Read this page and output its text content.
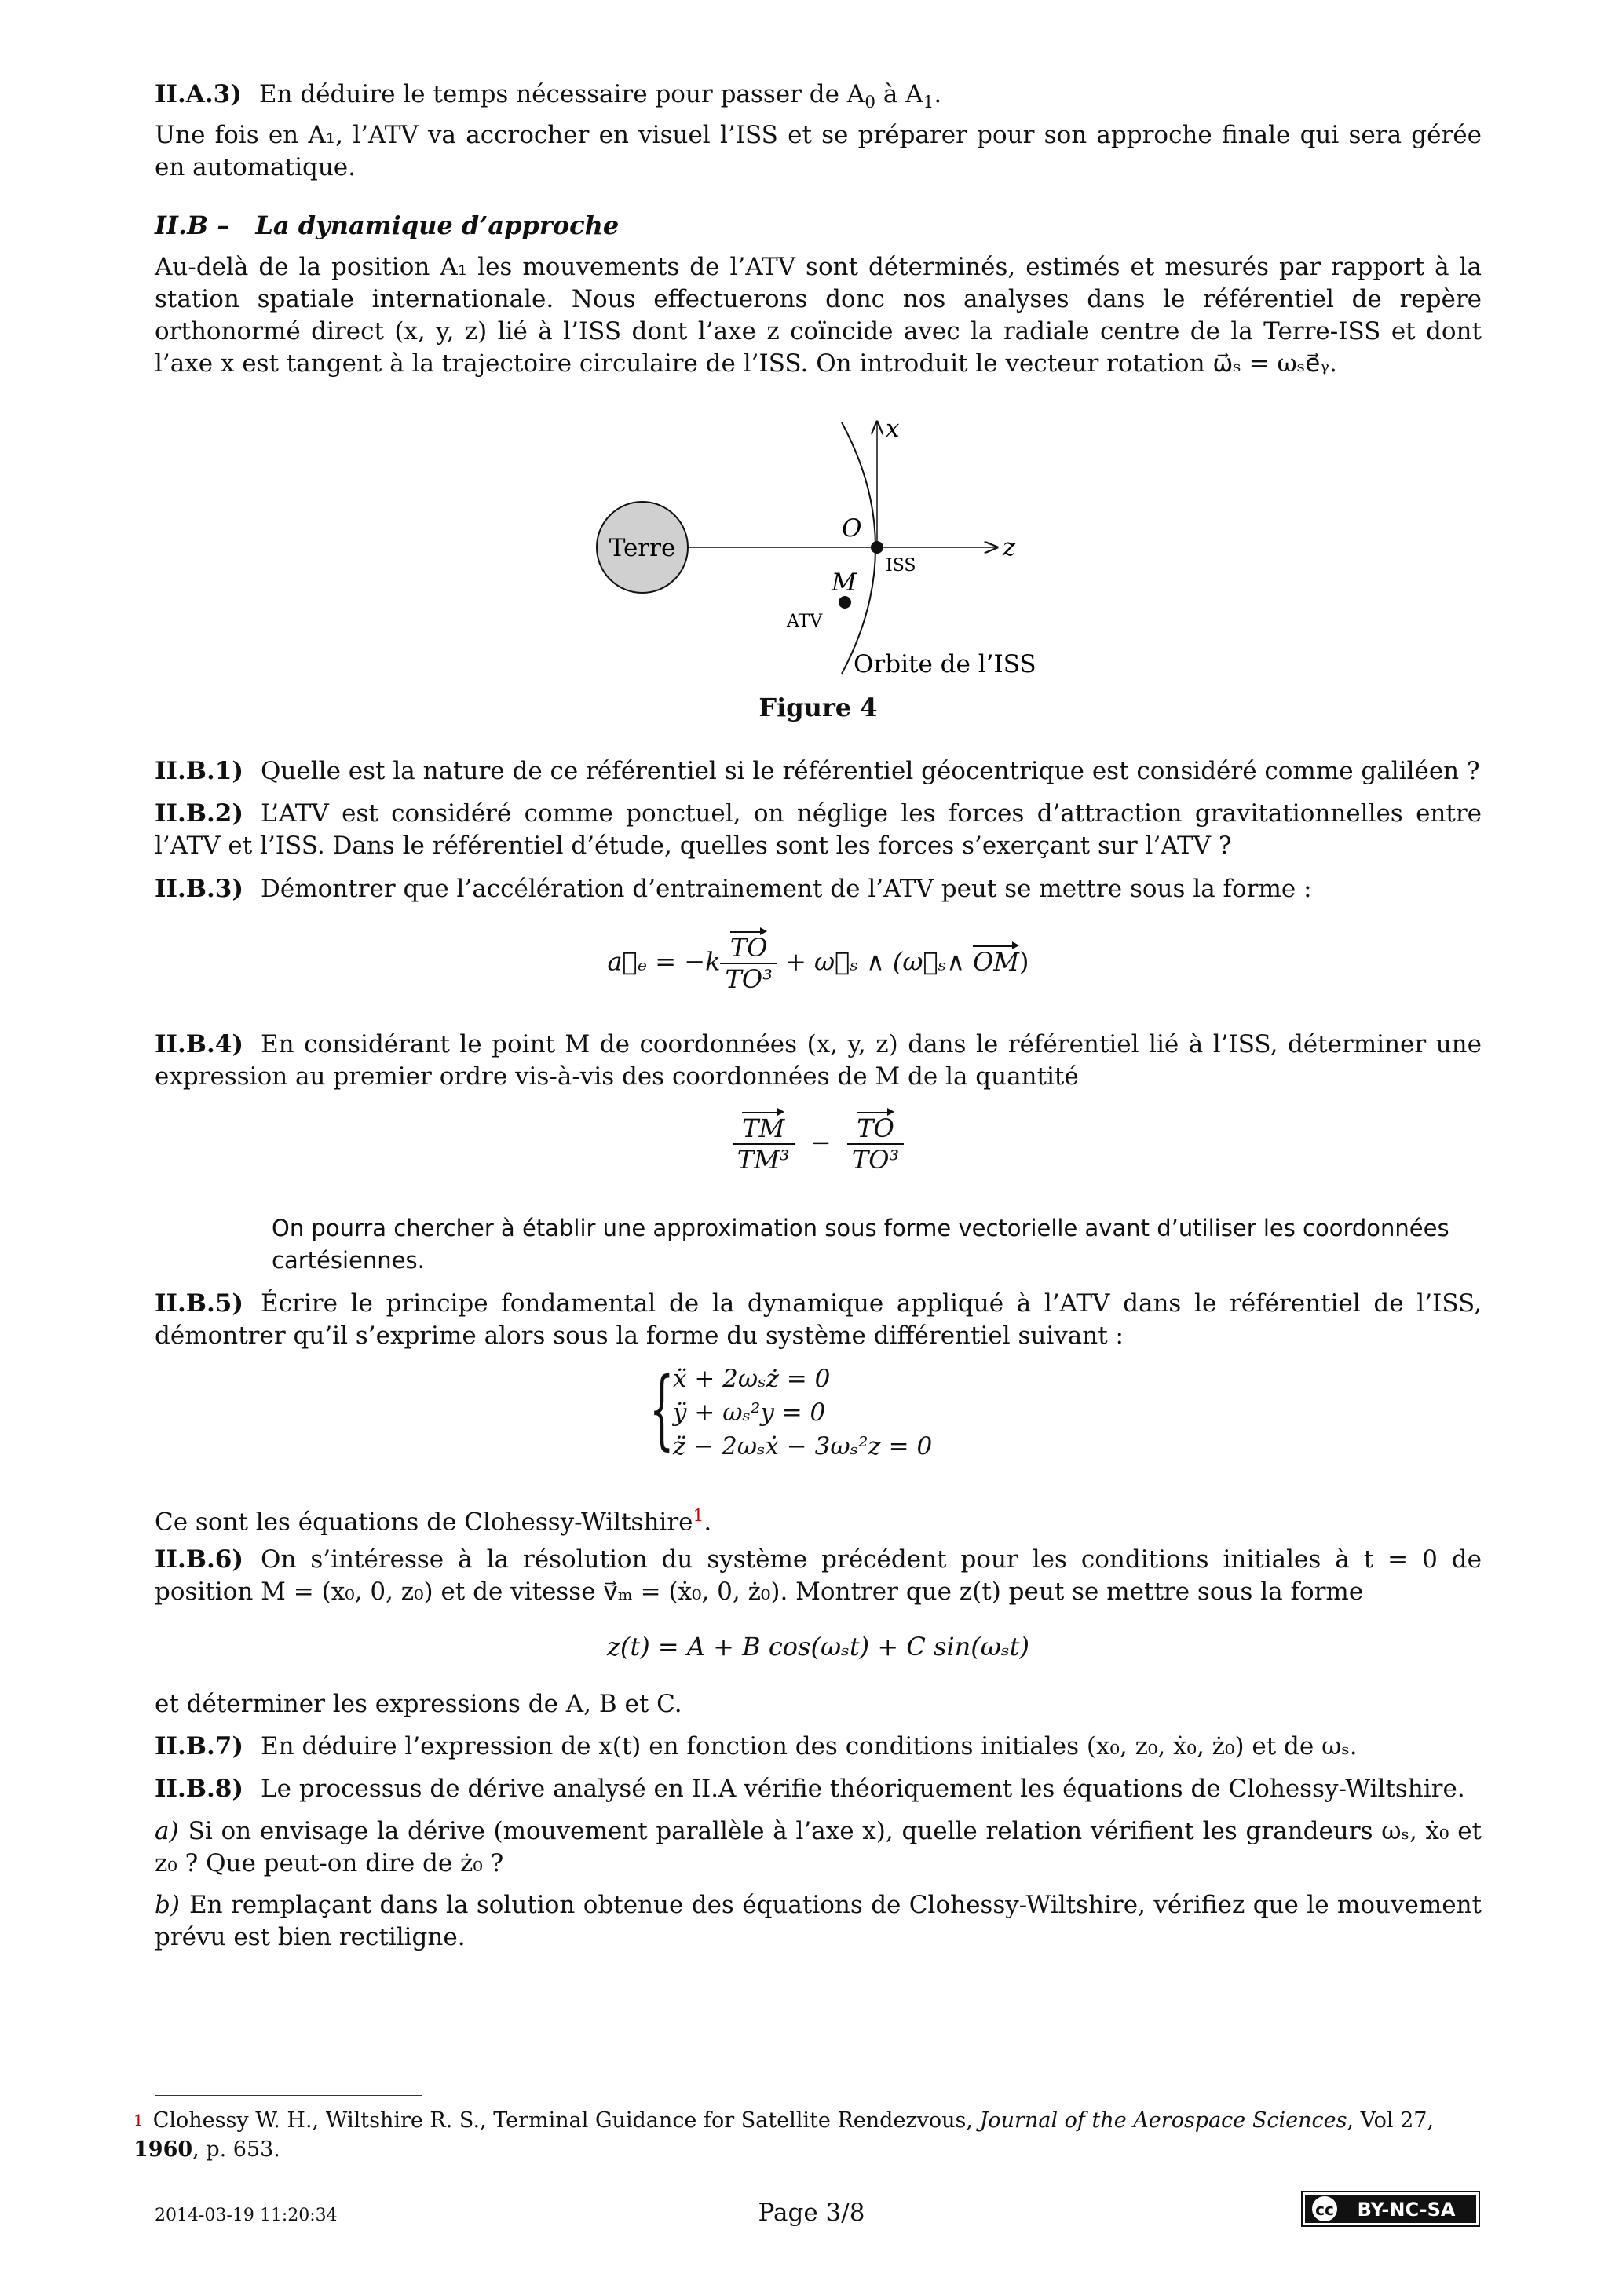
II.A.3) En déduire le temps nécessaire pour passer de $A_0$ à $A_1$.
Une fois en A₁, l’ATV va accrocher en visuel l’ISS et se préparer pour son approche finale qui sera gérée en automatique.
II.B – La dynamique d’approche
Au-delà de la position A₁ les mouvements de l’ATV sont déterminés, estimés et mesurés par rapport à la station spatiale internationale. Nous effectuerons donc nos analyses dans le référentiel de repère orthonormé direct (x, y, z) lié à l’ISS dont l’axe z coïncide avec la radiale centre de la Terre-ISS et dont l’axe x est tangent à la trajectoire circulaire de l’ISS. On introduit le vecteur rotation ω⃗ₛ = ωₛe⃗ᵧ.
Terre
O
ISS
M
ATV
x
z
Orbite de l’ISS
Figure 4
II.B.1) Quelle est la nature de ce référentiel si le référentiel géocentrique est considéré comme galiléen ?
II.B.2) L’ATV est considéré comme ponctuel, on néglige les forces d’attraction gravitationnelles entre l’ATV et l’ISS. Dans le référentiel d’étude, quelles sont les forces s’exerçant sur l’ATV ?
II.B.3) Démontrer que l’accélération d’entrainement de l’ATV peut se mettre sous la forme :
a⃗ₑ = $-k \frac{TO}{\text{TO³}}$ + ω⃗ₛ ∧ (ω⃗ₛ∧ OM)
II.B.4) En considérant le point M de coordonnées (x, y, z) dans le référentiel lié à l’ISS, déterminer une expression au premier ordre vis-à-vis des coordonnées de M de la quantité
$\frac{TM}{\text{TM³}} - \frac{TO}{\text{TO³}}$
On pourra chercher à établir une approximation sous forme vectorielle avant d’utiliser les coordonnées cartésiennes.
II.B.5) Écrire le principe fondamental de la dynamique appliqué à l’ATV dans le référentiel de l’ISS, démontrer qu’il s’exprime alors sous la forme du système différentiel suivant :
{
ẍ + 2ωₛż = 0
ÿ + ωₛ²y = 0
z̈ − 2ωₛẋ − 3ωₛ²z = 0
Ce sont les équations de Clohessy-Wiltshire$^1$.
II.B.6) On s’intéresse à la résolution du système précédent pour les conditions initiales à t = 0 de position M = (x₀, 0, z₀) et de vitesse v⃗ₘ = (ẋ₀, 0, ż₀). Montrer que z(t) peut se mettre sous la forme
z(t) = A + B cos(ωₛt) + C sin(ωₛt)
et déterminer les expressions de A, B et C.
II.B.7) En déduire l’expression de x(t) en fonction des conditions initiales (x₀, z₀, ẋ₀, ż₀) et de ωₛ.
II.B.8) Le processus de dérive analysé en II.A vérifie théoriquement les équations de Clohessy-Wiltshire.
a) Si on envisage la dérive (mouvement parallèle à l’axe x), quelle relation vérifient les grandeurs ωₛ, ẋ₀ et z₀ ? Que peut-on dire de ż₀ ?
b) En remplaçant dans la solution obtenue des équations de Clohessy-Wiltshire, vérifiez que le mouvement prévu est bien rectiligne.
$^1$ Clohessy W. H., Wiltshire R. S., Terminal Guidance for Satellite Rendezvous, Journal of the Aerospace Sciences, Vol 27, 1960, p. 653.
2014-03-19 11:20:34	Page 3/8	cc BY-NC-SA
